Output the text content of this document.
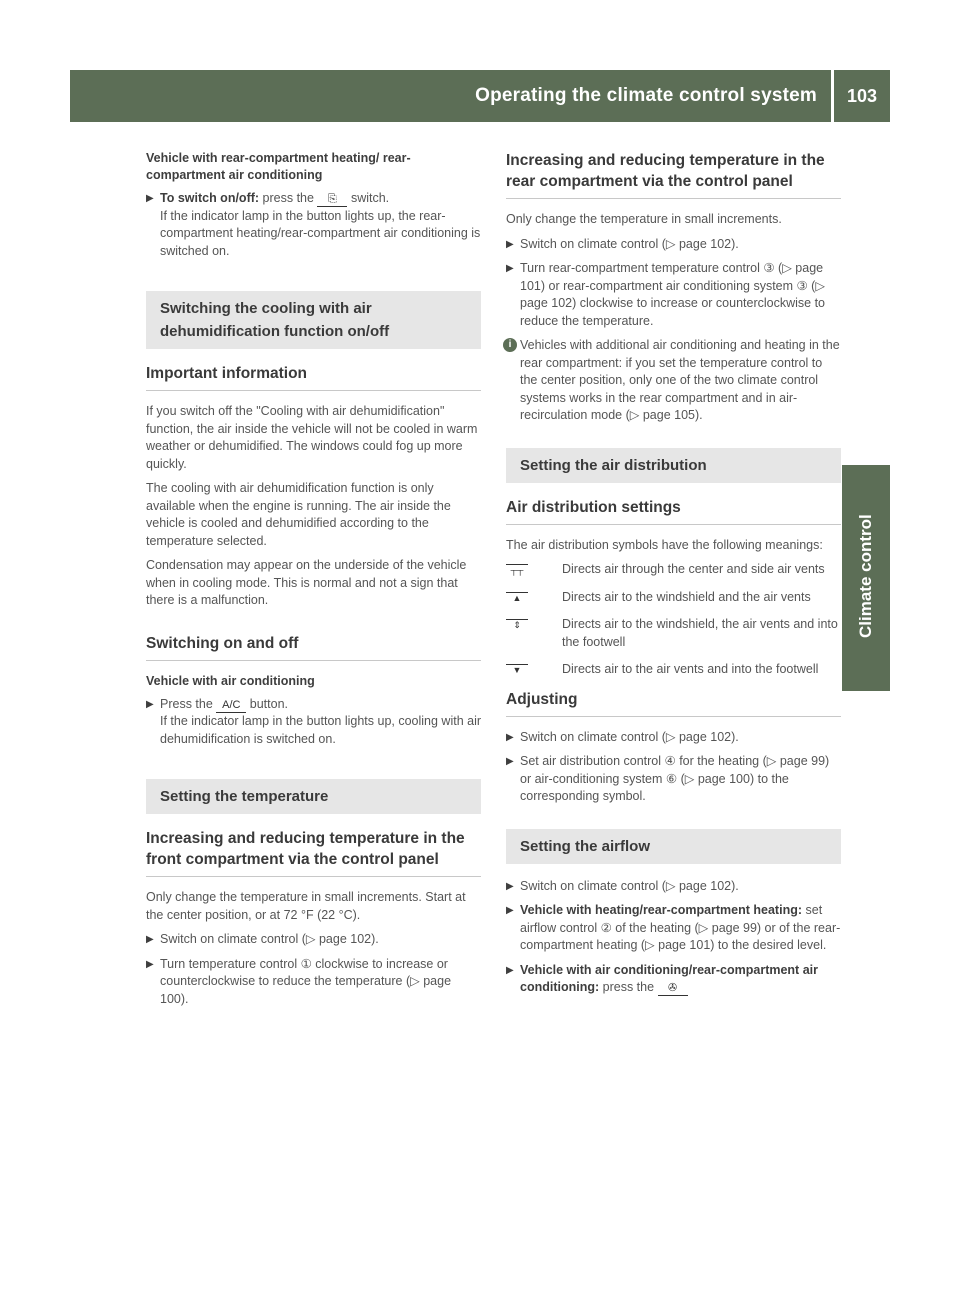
Operating the climate control system 103
Climate control
Vehicle with rear-compartment heating/ rear-compartment air conditioning
▶ To switch on/off: press the ⎘ switch.
If the indicator lamp in the button lights up, the rear-compartment heating/rear-compartment air conditioning is switched on.
Switching the cooling with air dehumidification function on/off
Important information

If you switch off the "Cooling with air dehumidification" function, the air inside the vehicle will not be cooled in warm weather or dehumidified. The windows could fog up more quickly.

The cooling with air dehumidification function is only available when the engine is running. The air inside the vehicle is cooled and dehumidified according to the temperature selected.

Condensation may appear on the underside of the vehicle when in cooling mode. This is normal and not a sign that there is a malfunction.

Switching on and off
Vehicle with air conditioning
▶ Press the A/C button.
If the indicator lamp in the button lights up, cooling with air dehumidification is switched on.
Setting the temperature
Increasing and reducing temperature in the front compartment via the control panel

Only change the temperature in small increments. Start at the center position, or at 72 °F (22 °C).

▶ Switch on climate control (▷ page 102).
▶ Turn temperature control ① clockwise to increase or counterclockwise to reduce the temperature (▷ page 100).
Increasing and reducing temperature in the rear compartment via the control panel

Only change the temperature in small increments.

▶ Switch on climate control (▷ page 102).
▶ Turn rear-compartment temperature control ③ (▷ page 101) or rear-compartment air conditioning system ③ (▷ page 102) clockwise to increase or counterclockwise to reduce the temperature.
i Vehicles with additional air conditioning and heating in the rear compartment: if you set the temperature control to the center position, only one of the two climate control systems works in the rear compartment and in air-recirculation mode (▷ page 105).
Setting the air distribution
Air distribution settings

The air distribution symbols have the following meanings:

┬┬	Directs air through the center and side air vents
▲	Directs air to the windshield and the air vents
⇕	Directs air to the windshield, the air vents and into the footwell
▼	Directs air to the air vents and into the footwell
Adjusting
▶ Switch on climate control (▷ page 102).
▶ Set air distribution control ④ for the heating (▷ page 99) or air-conditioning system ⑥ (▷ page 100) to the corresponding symbol.
Setting the airflow
▶ Switch on climate control (▷ page 102).
▶ Vehicle with heating/rear-compartment heating: set airflow control ② of the heating (▷ page 99) or of the rear-compartment heating (▷ page 101) to the desired level.
▶ Vehicle with air conditioning/rear-compartment air conditioning: press the ✇
